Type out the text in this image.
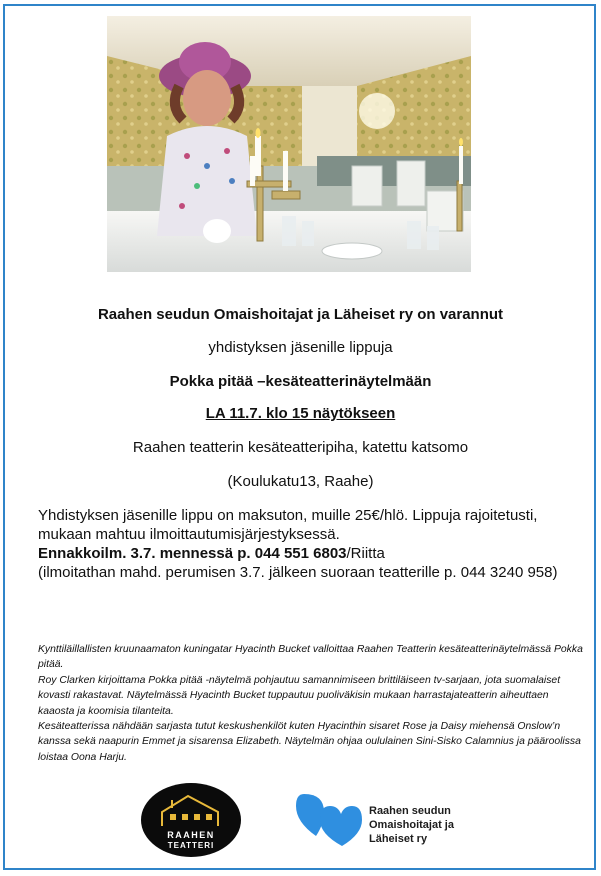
Raahen seudun Omaishoitajat ja Läheiset ry on varannut
yhdistyksen jäsenille lippuja
Pokka pitää –kesäteatterinäytelmään
LA 11.7. klo 15 näytökseen
Raahen teatterin kesäteatteripiha, katettu katsomo
(Koulukatu13, Raahe)

Yhdistyksen jäsenille lippu on maksuton, muille 25€/hlö. Lippuja rajoitetusti, mukaan mahtuu ilmoittautumisjärjestyksessä.

Ennakkoilm. 3.7. mennessä p. 044 551 6803/Riitta

(ilmoitathan mahd. perumisen 3.7. jälkeen suoraan teatterille p. 044 3240 958)

Kynttiläillallisten kruunaamaton kuningatar Hyacinth Bucket valloittaa Raahen Teatterin kesäteatterinäytelmässä Pokka pitää.

Roy Clarken kirjoittama Pokka pitää -näytelmä pohjautuu samannimiseen brittiläiseen tv-sarjaan, jota suomalaiset kovasti rakastavat. Näytelmässä Hyacinth Bucket tuppautuu puoliväkisin mukaan harrastajateatterin aiheuttaen kaaosta ja koomisia tilanteita.

Kesäteatterissa nähdään sarjasta tutut keskushenkilöt kuten Hyacinthin sisaret Rose ja Daisy miehensä Onslow’n kanssa sekä naapurin Emmet ja sisarensa Elizabeth. Näytelmän ohjaa oululainen Sini-Sisko Calamnius ja pääroolissa loistaa Oona Harju.

RAAHEN
TEATTERI
Raahen seudun
Omaishoitajat ja
Läheiset ry
